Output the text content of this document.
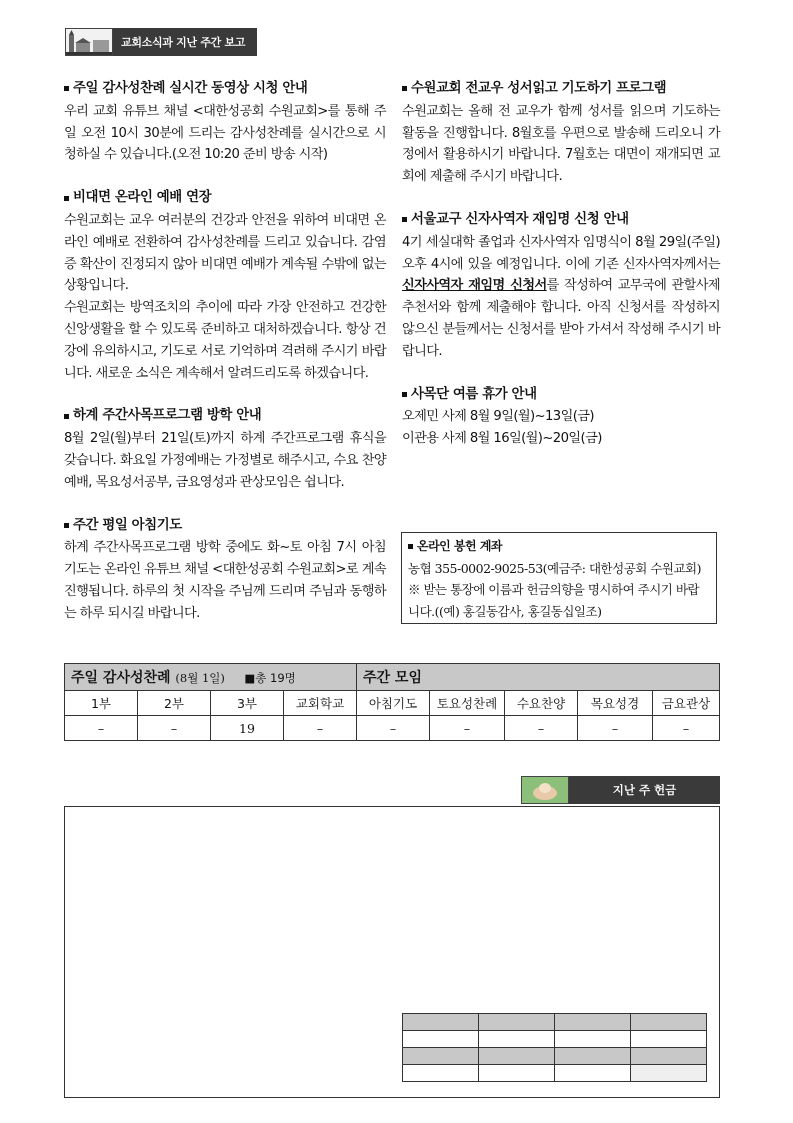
교회소식과 지난 주간 보고
주일 감사성찬례 실시간 동영상 시청 안내
우리 교회 유튜브 채널 <대한성공회 수원교회>를 통해 주일 오전 10시 30분에 드리는 감사성찬례를 실시간으로 시청하실 수 있습니다.(오전 10:20 준비 방송 시작)
비대면 온라인 예배 연장
수원교회는 교우 여러분의 건강과 안전을 위하여 비대면 온라인 예배로 전환하여 감사성찬례를 드리고 있습니다. 감염증 확산이 진정되지 않아 비대면 예배가 계속될 수밖에 없는 상황입니다.
수원교회는 방역조치의 추이에 따라 가장 안전하고 건강한 신앙생활을 할 수 있도록 준비하고 대처하겠습니다. 항상 건강에 유의하시고, 기도로 서로 기억하며 격려해 주시기 바랍니다. 새로운 소식은 계속해서 알려드리도록 하겠습니다.
하계 주간사목프로그램 방학 안내
8월 2일(월)부터 21일(토)까지 하계 주간프로그램 휴식을 갖습니다. 화요일 가정예배는 가정별로 해주시고, 수요 찬양예배, 목요성서공부, 금요영성과 관상모임은 쉽니다.
주간 평일 아침기도
하계 주간사목프로그램 방학 중에도 화~토 아침 7시 아침기도는 온라인 유튜브 채널 <대한성공회 수원교회>로 계속 진행됩니다. 하루의 첫 시작을 주님께 드리며 주님과 동행하는 하루 되시길 바랍니다.
수원교회 전교우 성서읽고 기도하기 프로그램
수원교회는 올해 전 교우가 함께 성서를 읽으며 기도하는 활동을 진행합니다. 8월호를 우편으로 발송해 드리오니 가정에서 활용하시기 바랍니다. 7월호는 대면이 재개되면 교회에 제출해 주시기 바랍니다.
서울교구 신자사역자 재임명 신청 안내
4기 세실대학 졸업과 신자사역자 임명식이 8월 29일(주일) 오후 4시에 있을 예정입니다. 이에 기존 신자사역자께서는 신자사역자 재임명 신청서를 작성하여 교무국에 관할사제 추천서와 함께 제출해야 합니다. 아직 신청서를 작성하지 않으신 분들께서는 신청서를 받아 가셔서 작성해 주시기 바랍니다.
사목단 여름 휴가 안내
오제민 사제 8월 9일(월)~13일(금)
이관용 사제 8월 16일(월)~20일(금)
온라인 봉헌 계좌
농협 355-0002-9025-53(예금주: 대한성공회 수원교회)
※ 받는 통장에 이름과 헌금의향을 명시하여 주시기 바랍니다.((예) 홍길동감사, 홍길동십일조)
주일 감사성찬례 (8월 1일) ■총 19명				주간 모임				
1부	2부	3부	교회학교	아침기도	토요성찬례	수요찬양	목요성경	금요관상
–	–	19	–	–	–	–	–	–
지난 주 헌금
